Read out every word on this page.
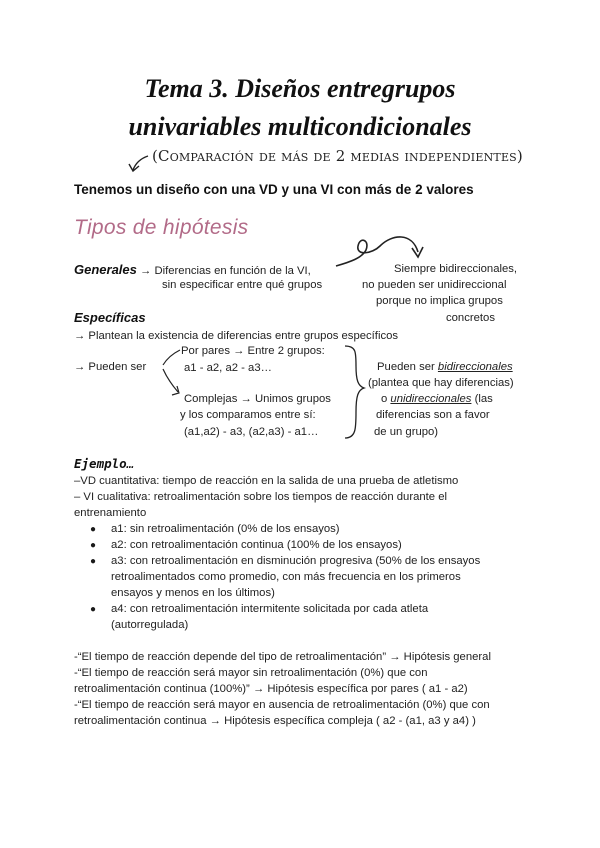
Tema 3. Diseños entregrupos
univariables multicondicionales
(Comparación de más de 2 medias independientes)
Tenemos un diseño con una VD y una VI con más de 2 valores
Tipos de hipótesis
Generales → Diferencias en función de la VI,
sin especificar entre qué grupos
Siempre bidireccionales,
no pueden ser unidireccional
porque no implica grupos
concretos
Específicas
→ Plantean la existencia de diferencias entre grupos específicos
→ Pueden ser
Por pares → Entre 2 grupos:
a1 - a2, a2 - a3…
Complejas → Unimos grupos
y los comparamos entre sí:
(a1,a2) - a3, (a2,a3) - a1…
Pueden ser bidireccionales
(plantea que hay diferencias)
o unidireccionales (las
diferencias son a favor
de un grupo)
Ejemplo…
–VD cuantitativa: tiempo de reacción en la salida de una prueba de atletismo
– VI cualitativa: retroalimentación sobre los tiempos de reacción durante el
entrenamiento
● a1: sin retroalimentación (0% de los ensayos)
● a2: con retroalimentación continua (100% de los ensayos)
● a3: con retroalimentación en disminución progresiva (50% de los ensayos
retroalimentados como promedio, con más frecuencia en los primeros
ensayos y menos en los últimos)
● a4: con retroalimentación intermitente solicitada por cada atleta
(autorregulada)
-“El tiempo de reacción depende del tipo de retroalimentación” → Hipótesis general
-“El tiempo de reacción será mayor sin retroalimentación (0%) que con
retroalimentación continua (100%)” → Hipótesis específica por pares ( a1 - a2)
-“El tiempo de reacción será mayor en ausencia de retroalimentación (0%) que con
retroalimentación continua → Hipótesis específica compleja ( a2 - (a1, a3 y a4) )
